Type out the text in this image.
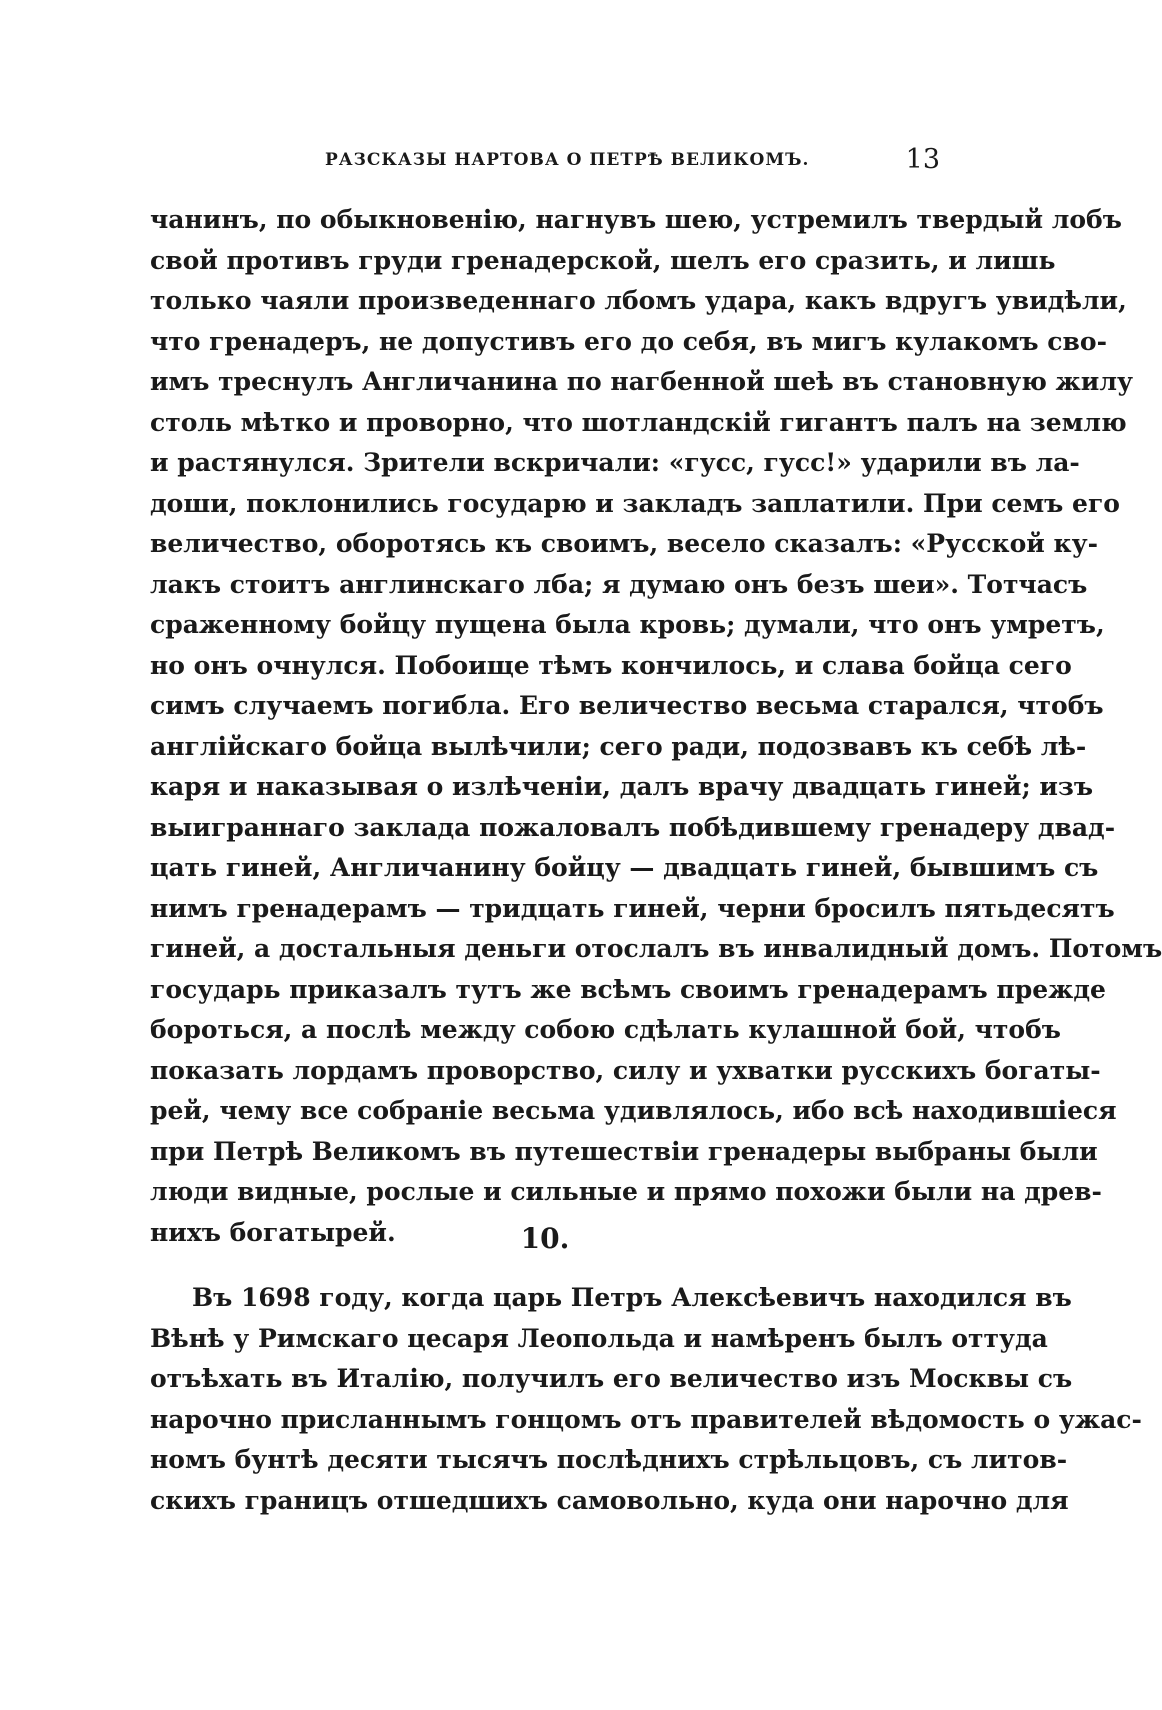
РАЗСКАЗЫ НАРТОВА О ПЕТРѢ ВЕЛИКОМЪ.	13
чанинъ, по обыкновенію, нагнувъ шею, устремилъ твердый лобъ
свой противъ груди гренадерской, шелъ его сразить, и лишь
только чаяли произведеннаго лбомъ удара, какъ вдругъ увидѣли,
что гренадеръ, не допустивъ его до себя, въ мигъ кулакомъ сво-
имъ треснулъ Англичанина по нагбенной шеѣ въ становную жилу
столь мѣтко и проворно, что шотландскій гигантъ палъ на землю
и растянулся. Зрители вскричали: «гусс, гусс!» ударили въ ла-
доши, поклонились государю и закладъ заплатили. При семъ его
величество, оборотясь къ своимъ, весело сказалъ: «Русской ку-
лакъ стоитъ англинскаго лба; я думаю онъ безъ шеи». Тотчасъ
сраженному бойцу пущена была кровь; думали, что онъ умретъ,
но онъ очнулся. Побоище тѣмъ кончилось, и слава бойца сего
симъ случаемъ погибла. Его величество весьма старался, чтобъ
англійскаго бойца вылѣчили; сего ради, подозвавъ къ себѣ лѣ-
каря и наказывая о излѣченіи, далъ врачу двадцать гиней; изъ
выиграннаго заклада пожаловалъ побѣдившему гренадеру двад-
цать гиней, Англичанину бойцу — двадцать гиней, бывшимъ съ
нимъ гренадерамъ — тридцать гиней, черни бросилъ пятьдесятъ
гиней, а достальныя деньги отослалъ въ инвалидный домъ. Потомъ
государь приказалъ тутъ же всѣмъ своимъ гренадерамъ прежде
бороться, а послѣ между собою сдѣлать кулашной бой, чтобъ
показать лордамъ проворство, силу и ухватки русскихъ богаты-
рей, чему все собраніе весьма удивлялось, ибо всѣ находившіеся
при Петрѣ Великомъ въ путешествіи гренадеры выбраны были
люди видные, рослые и сильные и прямо похожи были на древ-
нихъ богатырей.	10.
Въ 1698 году, когда царь Петръ Алексѣевичъ находился въ
Вѣнѣ у Римскаго цесаря Леопольда и намѣренъ былъ оттуда
отъѣхать въ Италію, получилъ его величество изъ Москвы съ
нарочно присланнымъ гонцомъ отъ правителей вѣдомость о ужас-
номъ бунтѣ десяти тысячъ послѣднихъ стрѣльцовъ, съ литов-
скихъ границъ отшедшихъ самовольно, куда они нарочно для
